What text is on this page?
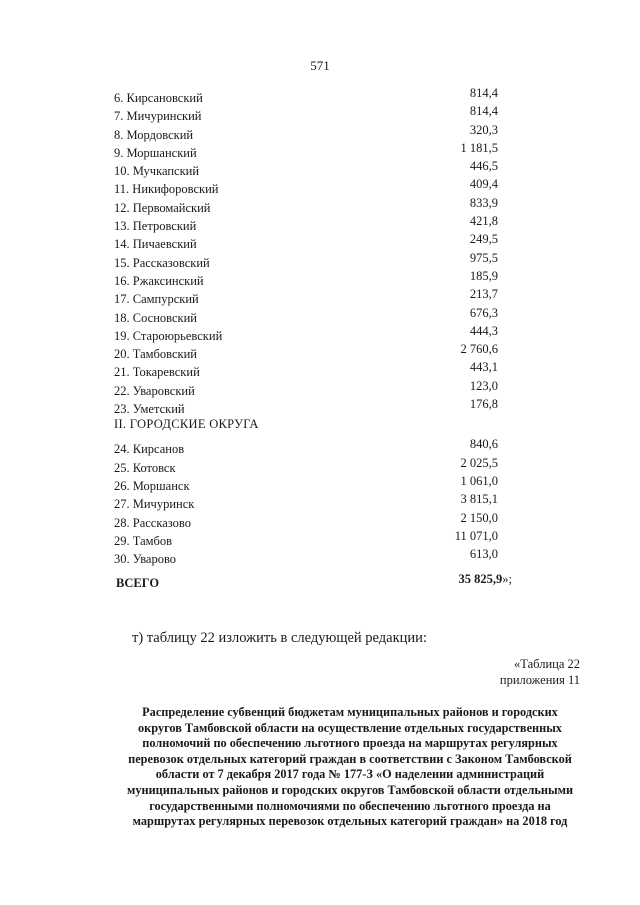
571
6. Кирсановский	814,4
7. Мичуринский	814,4
8. Мордовский	320,3
9. Моршанский	1 181,5
10. Мучкапский	446,5
11. Никифоровский	409,4
12. Первомайский	833,9
13. Петровский	421,8
14. Пичаевский	249,5
15. Рассказовский	975,5
16. Ржаксинский	185,9
17. Сампурский	213,7
18. Сосновский	676,3
19. Староюрьевский	444,3
20. Тамбовский	2 760,6
21. Токаревский	443,1
22. Уваровский	123,0
23. Уметский	176,8
II. ГОРОДСКИЕ ОКРУГА
24. Кирсанов	840,6
25. Котовск	2 025,5
26. Моршанск	1 061,0
27. Мичуринск	3 815,1
28. Рассказово	2 150,0
29. Тамбов	11 071,0
30. Уварово	613,0
ВСЕГО	35 825,9»;
т) таблицу 22 изложить в следующей редакции:
«Таблица 22
приложения 11
Распределение субвенций бюджетам муниципальных районов и городских
округов Тамбовской области на осуществление отдельных государственных
полномочий по обеспечению льготного проезда на маршрутах регулярных
перевозок отдельных категорий граждан в соответствии с Законом Тамбовской
области от 7 декабря 2017 года № 177-З «О наделении администраций
муниципальных районов и городских округов Тамбовской области отдельными
государственными полномочиями по обеспечению льготного проезда на
маршрутах регулярных перевозок отдельных категорий граждан» на 2018 год
